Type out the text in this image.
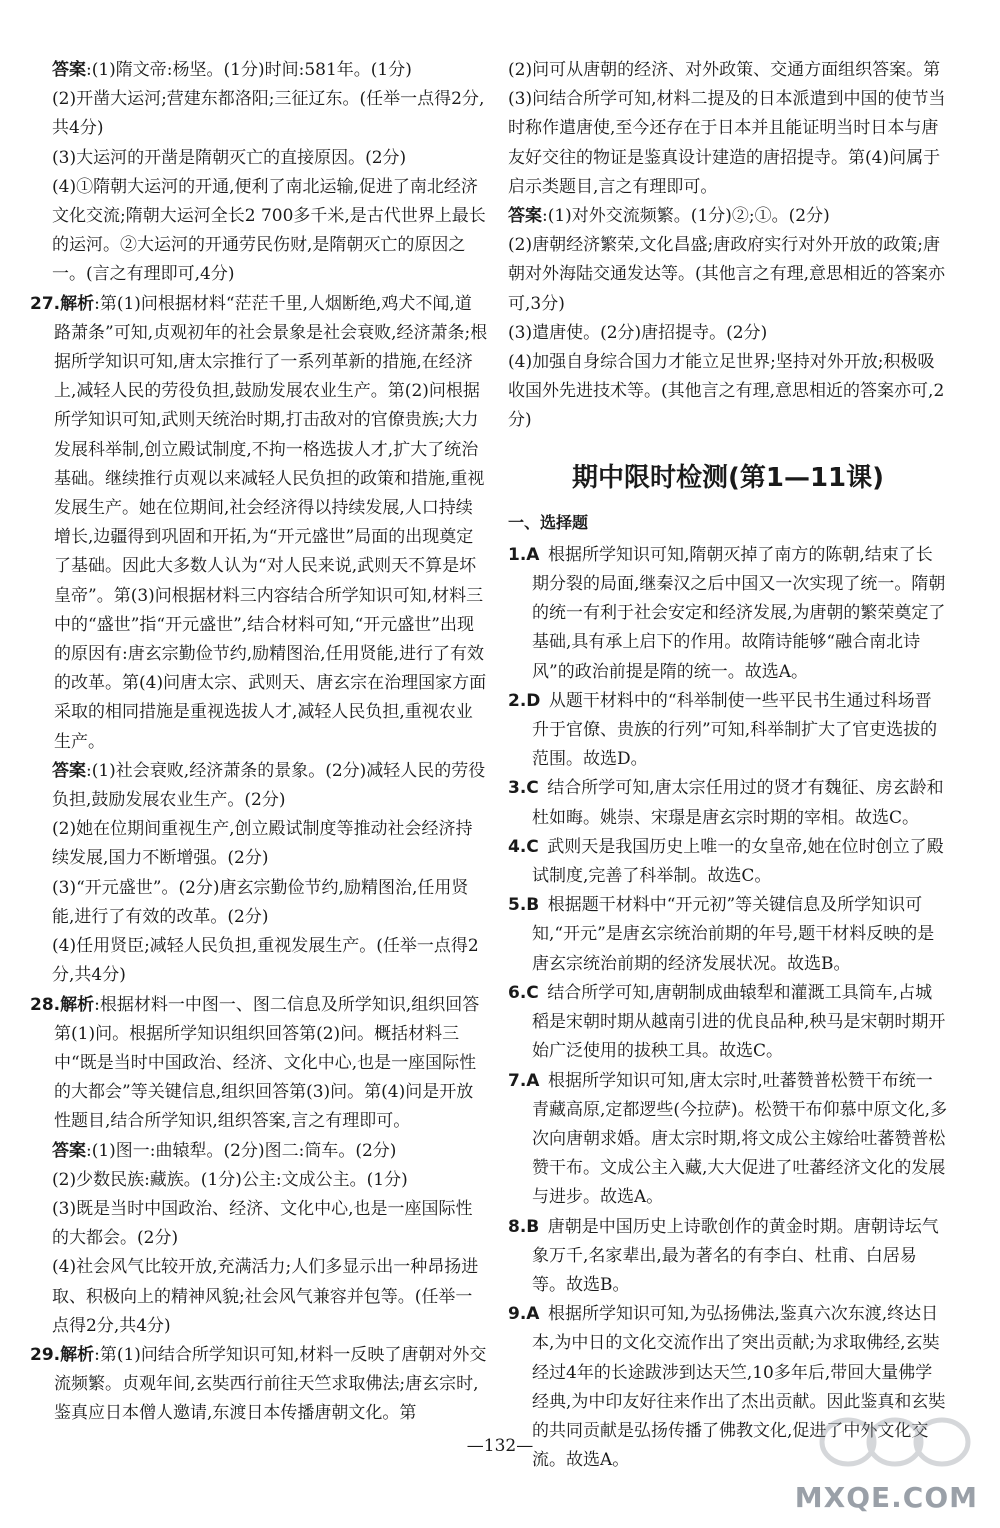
答案:(1)隋文帝:杨坚。(1分)时间:581年。(1分)
(2)开凿大运河;营建东都洛阳;三征辽东。(任举一点得2分,共4分)
(3)大运河的开凿是隋朝灭亡的直接原因。(2分)
(4)①隋朝大运河的开通,便利了南北运输,促进了南北经济文化交流;隋朝大运河全长2 700多千米,是古代世界上最长的运河。②大运河的开通劳民伤财,是隋朝灭亡的原因之一。(言之有理即可,4分)
27.解析:第(1)问根据材料“茫茫千里,人烟断绝,鸡犬不闻,道路萧条”可知,贞观初年的社会景象是社会衰败,经济萧条;根据所学知识可知,唐太宗推行了一系列革新的措施,在经济上,减轻人民的劳役负担,鼓励发展农业生产。第(2)问根据所学知识可知,武则天统治时期,打击敌对的官僚贵族;大力发展科举制,创立殿试制度,不拘一格选拔人才,扩大了统治基础。继续推行贞观以来减轻人民负担的政策和措施,重视发展生产。她在位期间,社会经济得以持续发展,人口持续增长,边疆得到巩固和开拓,为“开元盛世”局面的出现奠定了基础。因此大多数人认为“对人民来说,武则天不算是坏皇帝”。第(3)问根据材料三内容结合所学知识可知,材料三中的“盛世”指“开元盛世”,结合材料可知,“开元盛世”出现的原因有:唐玄宗勤俭节约,励精图治,任用贤能,进行了有效的改革。第(4)问唐太宗、武则天、唐玄宗在治理国家方面采取的相同措施是重视选拔人才,减轻人民负担,重视农业生产。
答案:(1)社会衰败,经济萧条的景象。(2分)减轻人民的劳役负担,鼓励发展农业生产。(2分)
(2)她在位期间重视生产,创立殿试制度等推动社会经济持续发展,国力不断增强。(2分)
(3)“开元盛世”。(2分)唐玄宗勤俭节约,励精图治,任用贤能,进行了有效的改革。(2分)
(4)任用贤臣;减轻人民负担,重视发展生产。(任举一点得2分,共4分)
28.解析:根据材料一中图一、图二信息及所学知识,组织回答第(1)问。根据所学知识组织回答第(2)问。概括材料三中“既是当时中国政治、经济、文化中心,也是一座国际性的大都会”等关键信息,组织回答第(3)问。第(4)问是开放性题目,结合所学知识,组织答案,言之有理即可。
答案:(1)图一:曲辕犁。(2分)图二:筒车。(2分)
(2)少数民族:藏族。(1分)公主:文成公主。(1分)
(3)既是当时中国政治、经济、文化中心,也是一座国际性的大都会。(2分)
(4)社会风气比较开放,充满活力;人们多显示出一种昂扬进取、积极向上的精神风貌;社会风气兼容并包等。(任举一点得2分,共4分)
29.解析:第(1)问结合所学知识可知,材料一反映了唐朝对外交流频繁。贞观年间,玄奘西行前往天竺求取佛法;唐玄宗时,鉴真应日本僧人邀请,东渡日本传播唐朝文化。第
(2)问可从唐朝的经济、对外政策、交通方面组织答案。第(3)问结合所学可知,材料二提及的日本派遣到中国的使节当时称作遣唐使,至今还存在于日本并且能证明当时日本与唐友好交往的物证是鉴真设计建造的唐招提寺。第(4)问属于启示类题目,言之有理即可。
答案:(1)对外交流频繁。(1分)②;①。(2分)
(2)唐朝经济繁荣,文化昌盛;唐政府实行对外开放的政策;唐朝对外海陆交通发达等。(其他言之有理,意思相近的答案亦可,3分)
(3)遣唐使。(2分)唐招提寺。(2分)
(4)加强自身综合国力才能立足世界;坚持对外开放;积极吸收国外先进技术等。(其他言之有理,意思相近的答案亦可,2分)
期中限时检测(第1—11课)
一、选择题
1.A  根据所学知识可知,隋朝灭掉了南方的陈朝,结束了长期分裂的局面,继秦汉之后中国又一次实现了统一。隋朝的统一有利于社会安定和经济发展,为唐朝的繁荣奠定了基础,具有承上启下的作用。故隋诗能够“融合南北诗风”的政治前提是隋的统一。故选A。
2.D  从题干材料中的“科举制使一些平民书生通过科场晋升于官僚、贵族的行列”可知,科举制扩大了官吏选拔的范围。故选D。
3.C  结合所学可知,唐太宗任用过的贤才有魏征、房玄龄和杜如晦。姚崇、宋璟是唐玄宗时期的宰相。故选C。
4.C  武则天是我国历史上唯一的女皇帝,她在位时创立了殿试制度,完善了科举制。故选C。
5.B  根据题干材料中“开元初”等关键信息及所学知识可知,“开元”是唐玄宗统治前期的年号,题干材料反映的是唐玄宗统治前期的经济发展状况。故选B。
6.C  结合所学可知,唐朝制成曲辕犁和灌溉工具筒车,占城稻是宋朝时期从越南引进的优良品种,秧马是宋朝时期开始广泛使用的拔秧工具。故选C。
7.A  根据所学知识可知,唐太宗时,吐蕃赞普松赞干布统一青藏高原,定都逻些(今拉萨)。松赞干布仰慕中原文化,多次向唐朝求婚。唐太宗时期,将文成公主嫁给吐蕃赞普松赞干布。文成公主入藏,大大促进了吐蕃经济文化的发展与进步。故选A。
8.B  唐朝是中国历史上诗歌创作的黄金时期。唐朝诗坛气象万千,名家辈出,最为著名的有李白、杜甫、白居易等。故选B。
9.A  根据所学知识可知,为弘扬佛法,鉴真六次东渡,终达日本,为中日的文化交流作出了突出贡献;为求取佛经,玄奘经过4年的长途跋涉到达天竺,10多年后,带回大量佛学经典,为中印友好往来作出了杰出贡献。因此鉴真和玄奘的共同贡献是弘扬传播了佛教文化,促进了中外文化交流。故选A。
—132—
MXQE.COM
